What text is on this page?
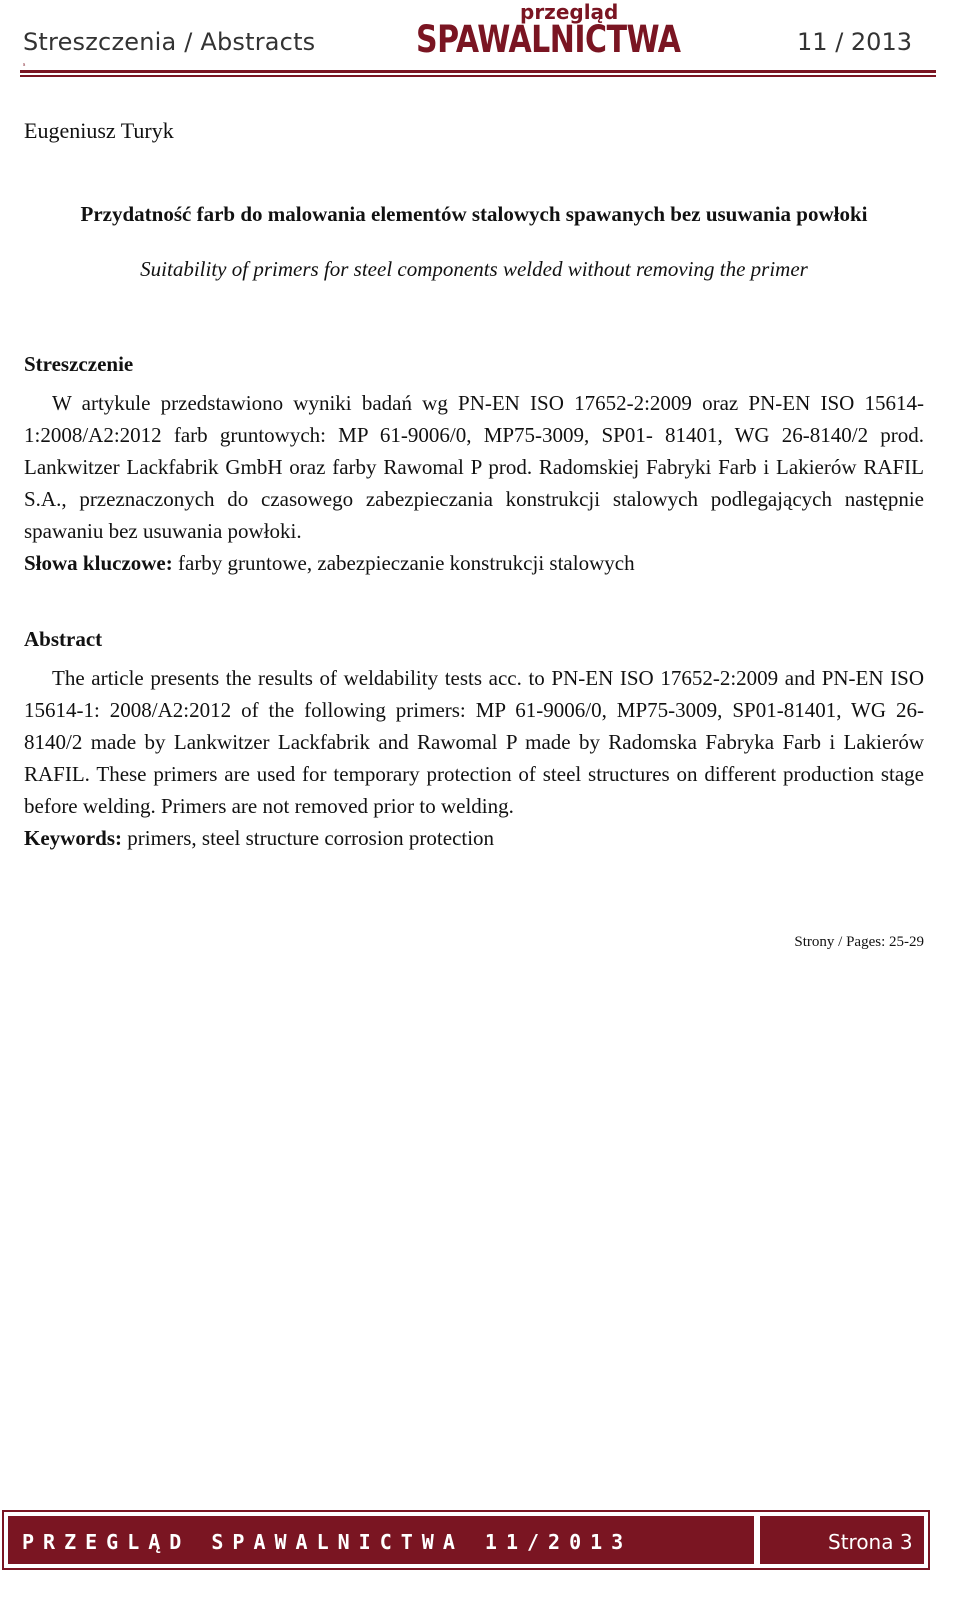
Streszczenia / Abstracts
przegląd
SPAWALNICTWA	11 / 2013
s
Eugeniusz Turyk
Przydatność farb do malowania elementów stalowych spawanych bez usuwania powłoki
Suitability of primers for steel components welded without removing the primer
Streszczenie

W artykule przedstawiono wyniki badań wg PN-EN ISO 17652-2:2009 oraz PN-EN ISO 15614-1:2008/A2:2012 farb gruntowych: MP 61-9006/0, MP75-3009, SP01- 81401, WG 26-8140/2 prod. Lankwitzer Lackfabrik GmbH oraz farby Rawomal P prod. Radomskiej Fabryki Farb i Lakierów RAFIL S.A., przeznaczonych do czasowego zabezpieczania konstrukcji stalowych podlegających następnie spawaniu bez usuwania powłoki.

Słowa kluczowe: farby gruntowe, zabezpieczanie konstrukcji stalowych
Abstract

The article presents the results of weldability tests acc. to PN-EN ISO 17652-2:2009 and PN-EN ISO 15614-1: 2008/A2:2012 of the following primers: MP 61-9006/0, MP75-3009, SP01-81401, WG 26-8140/2 made by Lankwitzer Lackfabrik and Rawomal P made by Radomska Fabryka Farb i Lakierów RAFIL. These primers are used for temporary protection of steel structures on different production stage before welding. Primers are not removed prior to welding.

Keywords: primers, steel structure corrosion protection
Strony / Pages: 25-29
PRZEGLĄD SPAWALNICTWA 11/2013	Strona 3
